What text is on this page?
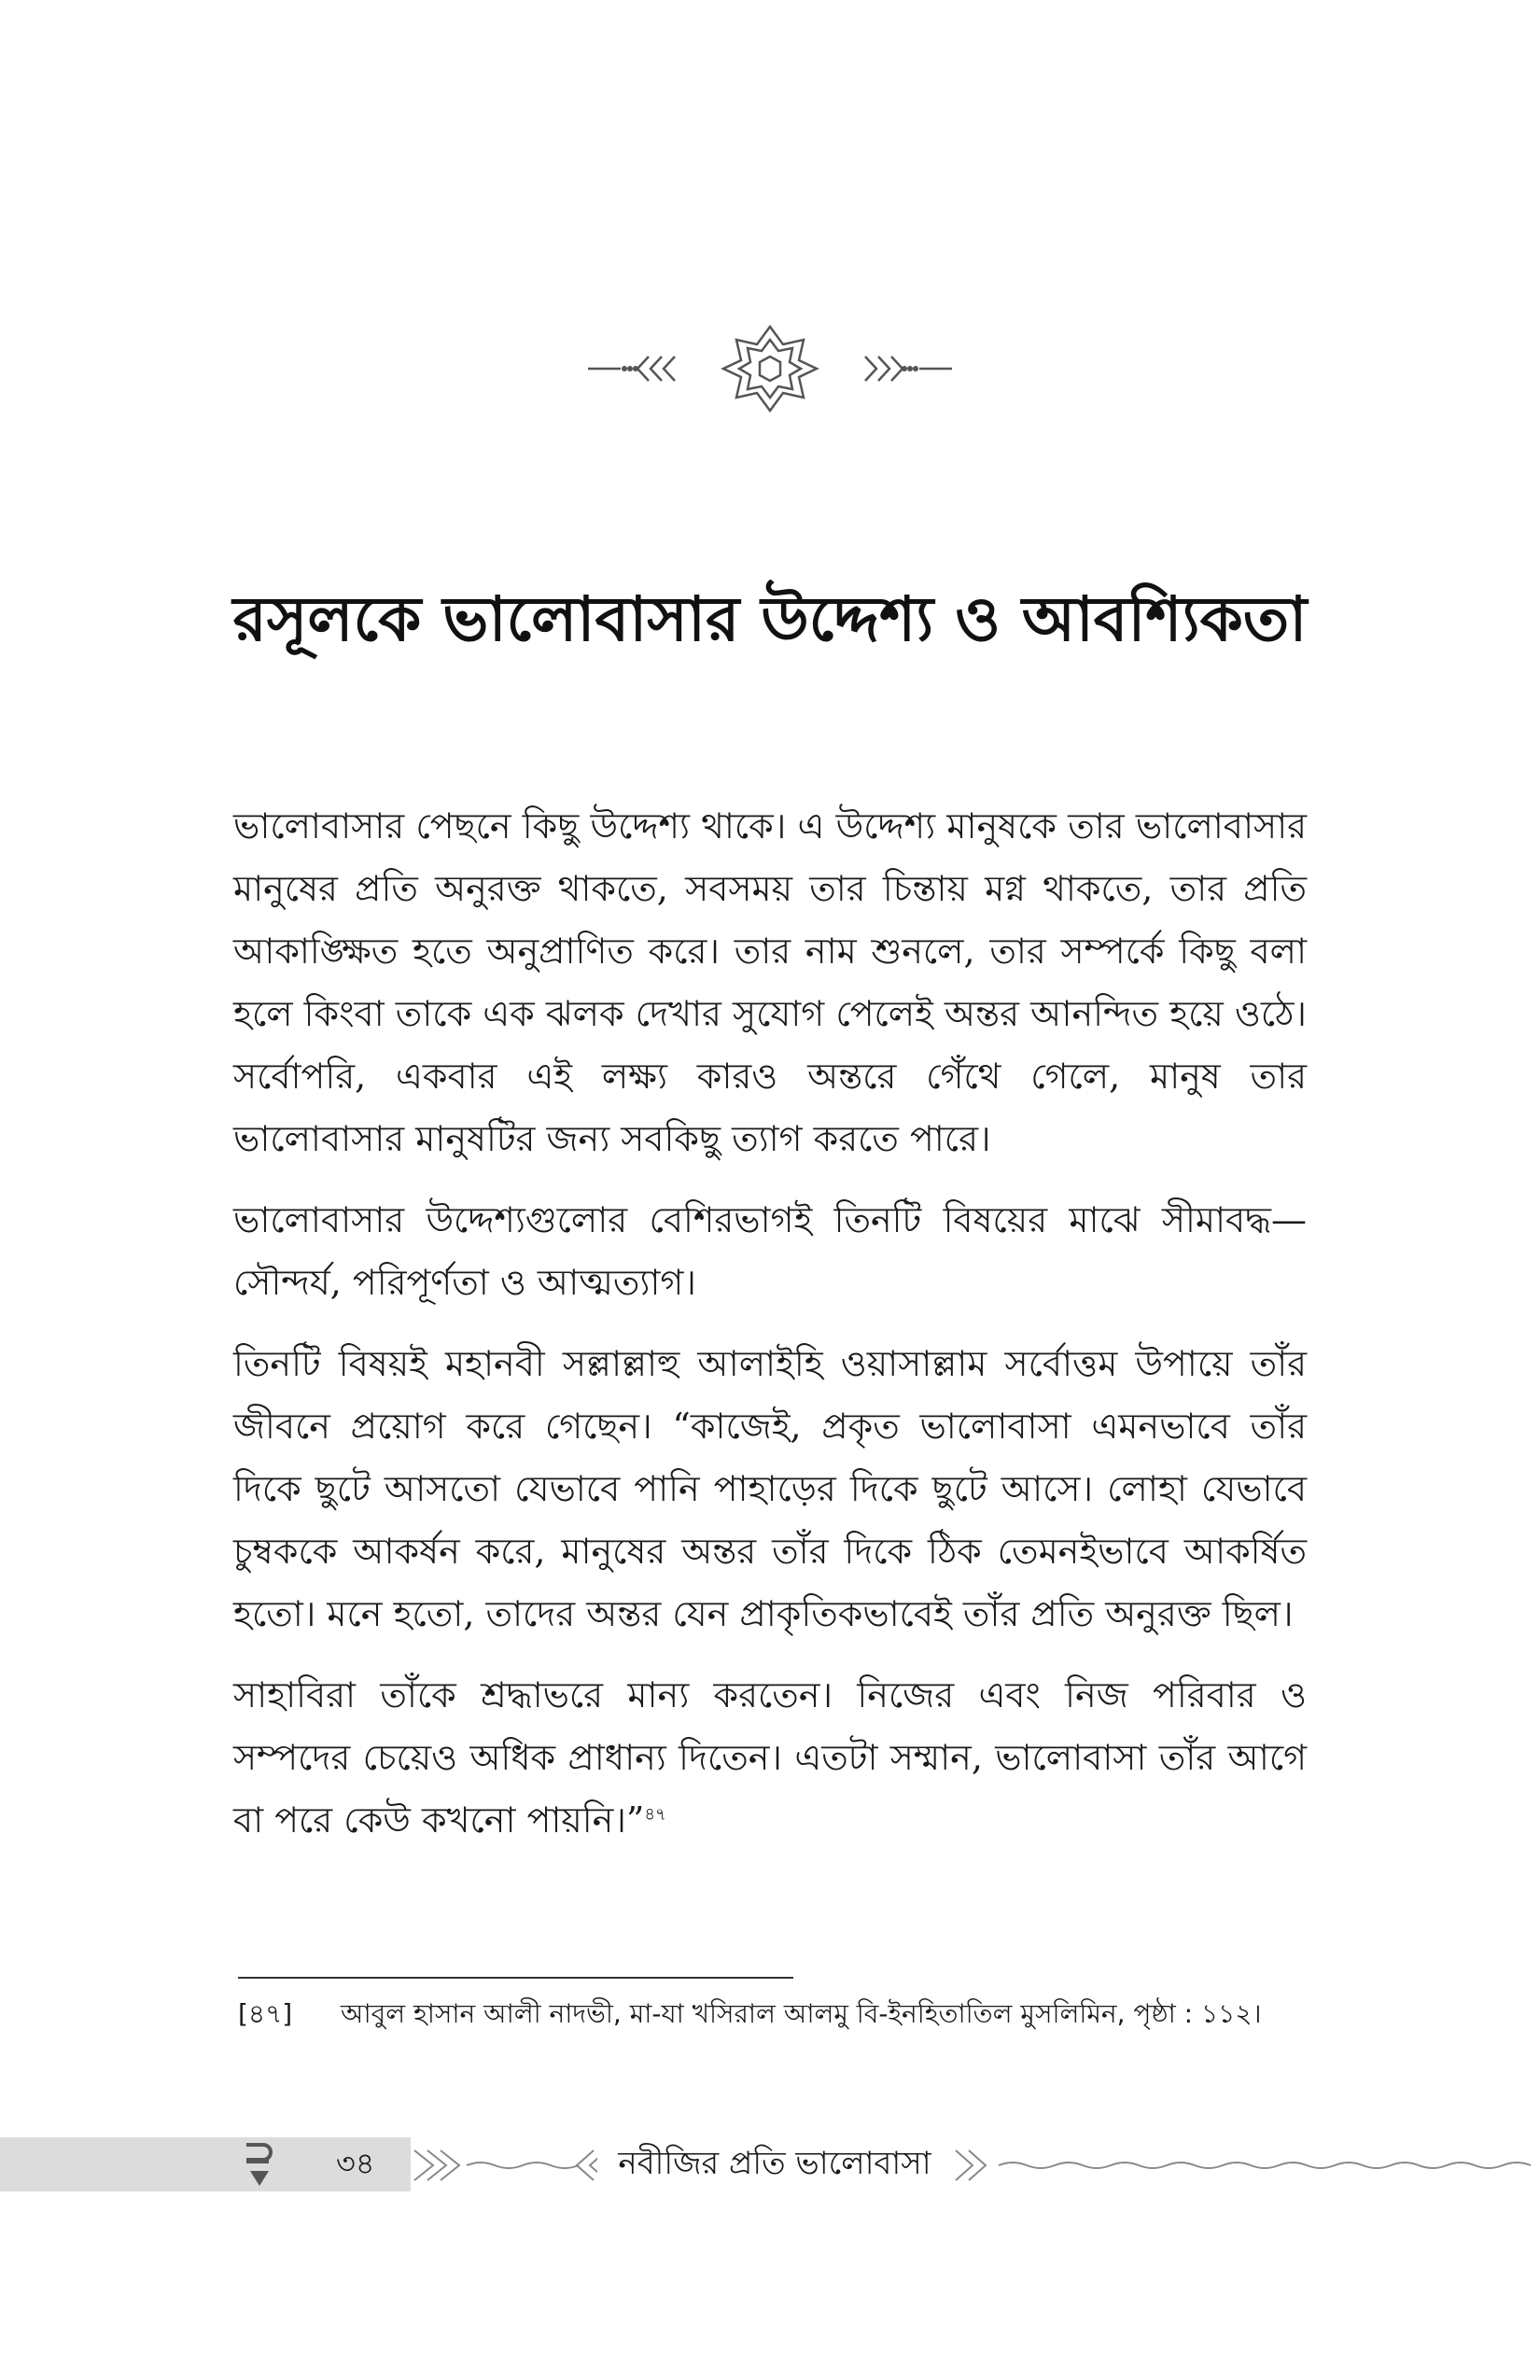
রসূলকে ভালোবাসার উদ্দেশ্য ও আবশ্যিকতা

ভালোবাসার পেছনে কিছু উদ্দেশ্য থাকে। এ উদ্দেশ্য মানুষকে তার ভালোবাসার মানুষের প্রতি অনুরক্ত থাকতে, সবসময় তার চিন্তায় মগ্ন থাকতে, তার প্রতি আকাঙ্ক্ষিত হতে অনুপ্রাণিত করে। তার নাম শুনলে, তার সম্পর্কে কিছু বলা হলে কিংবা তাকে এক ঝলক দেখার সুযোগ পেলেই অন্তর আনন্দিত হয়ে ওঠে। সর্বোপরি, একবার এই লক্ষ্য কারও অন্তরে গেঁথে গেলে, মানুষ তার ভালোবাসার মানুষটির জন্য সবকিছু ত্যাগ করতে পারে।

ভালোবাসার উদ্দেশ্যগুলোর বেশিরভাগই তিনটি বিষয়ের মাঝে সীমাবদ্ধ— সৌন্দর্য, পরিপূর্ণতা ও আত্মত্যাগ।

তিনটি বিষয়ই মহানবী সল্লাল্লাহু আলাইহি ওয়াসাল্লাম সর্বোত্তম উপায়ে তাঁর জীবনে প্রয়োগ করে গেছেন। “কাজেই, প্রকৃত ভালোবাসা এমনভাবে তাঁর দিকে ছুটে আসতো যেভাবে পানি পাহাড়ের দিকে ছুটে আসে। লোহা যেভাবে চুম্বককে আকর্ষন করে, মানুষের অন্তর তাঁর দিকে ঠিক তেমনইভাবে আকর্ষিত হতো। মনে হতো, তাদের অন্তর যেন প্রাকৃতিকভাবেই তাঁর প্রতি অনুরক্ত ছিল।

সাহাবিরা তাঁকে শ্রদ্ধাভরে মান্য করতেন। নিজের এবং নিজ পরিবার ও সম্পদের চেয়েও অধিক প্রাধান্য দিতেন। এতটা সম্মান, ভালোবাসা তাঁর আগে বা পরে কেউ কখনো পায়নি।”$^{৪৭}$

[৪৭] আবুল হাসান আলী নাদভী, মা-যা খসিরাল আলমু বি-ইনহিতাতিল মুসলিমিন, পৃষ্ঠা : ১১২।
৩৪	নবীজির প্রতি ভালোবাসা
